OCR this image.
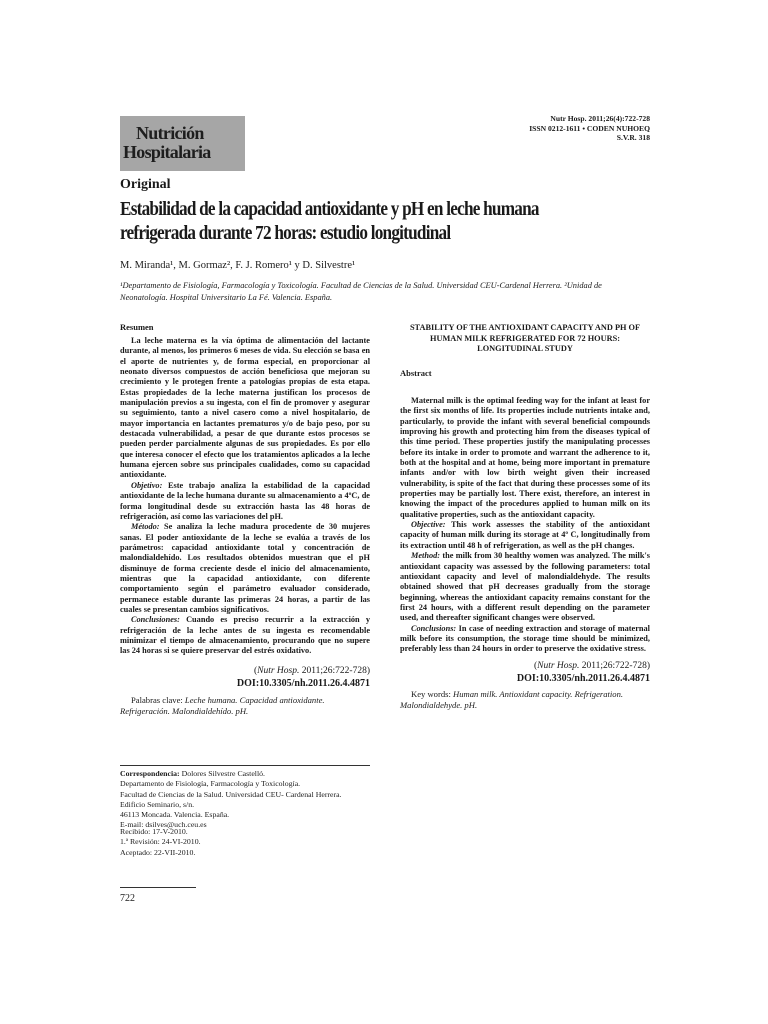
Nutr Hosp. 2011;26(4):722-728
ISSN 0212-1611 • CODEN NUHOEQ
S.V.R. 318
Nutrición
Hospitalaria
Original
Estabilidad de la capacidad antioxidante y pH en leche humana
refrigerada durante 72 horas: estudio longitudinal
M. Miranda¹, M. Gormaz², F. J. Romero¹ y D. Silvestre¹
¹Departamento de Fisiología, Farmacología y Toxicología. Facultad de Ciencias de la Salud. Universidad CEU-Cardenal Herrera. ²Unidad de Neonatología. Hospital Universitario La Fé. Valencia. España.
Resumen

La leche materna es la vía óptima de alimentación del lactante durante, al menos, los primeros 6 meses de vida. Su elección se basa en el aporte de nutrientes y, de forma especial, en proporcionar al neonato diversos compuestos de acción beneficiosa que mejoran su crecimiento y le protegen frente a patologías propias de esta etapa. Estas propiedades de la leche materna justifican los procesos de manipulación previos a su ingesta, con el fin de promover y asegurar su seguimiento, tanto a nivel casero como a nivel hospitalario, de mayor importancia en lactantes prematuros y/o de bajo peso, por su destacada vulnerabilidad, a pesar de que durante estos procesos se pueden perder parcialmente algunas de sus propiedades. Es por ello que interesa conocer el efecto que los tratamientos aplicados a la leche humana ejercen sobre sus principales cualidades, como su capacidad antioxidante.

Objetivo: Este trabajo analiza la estabilidad de la capacidad antioxidante de la leche humana durante su almacenamiento a 4ºC, de forma longitudinal desde su extracción hasta las 48 horas de refrigeración, así como las variaciones del pH.

Método: Se analiza la leche madura procedente de 30 mujeres sanas. El poder antioxidante de la leche se evalúa a través de los parámetros: capacidad antioxidante total y concentración de malondialdehído. Los resultados obtenidos muestran que el pH disminuye de forma creciente desde el inicio del almacenamiento, mientras que la capacidad antioxidante, con diferente comportamiento según el parámetro evaluador considerado, permanece estable durante las primeras 24 horas, a partir de las cuales se presentan cambios significativos.

Conclusiones: Cuando es preciso recurrir a la extracción y refrigeración de la leche antes de su ingesta es recomendable minimizar el tiempo de almacenamiento, procurando que no supere las 24 horas si se quiere preservar del estrés oxidativo.

(Nutr Hosp. 2011;26:722-728)
DOI:10.3305/nh.2011.26.4.4871
Palabras clave: Leche humana. Capacidad antioxidante. Refrigeración. Malondialdehído. pH.
STABILITY OF THE ANTIOXIDANT CAPACITY AND PH OF HUMAN MILK REFRIGERATED FOR 72 HOURS: LONGITUDINAL STUDY
Abstract

Maternal milk is the optimal feeding way for the infant at least for the first six months of life. Its properties include nutrients intake and, particularly, to provide the infant with several beneficial compounds improving his growth and protecting him from the diseases typical of this time period. These properties justify the manipulating processes before its intake in order to promote and warrant the adherence to it, both at the hospital and at home, being more important in premature infants and/or with low birth weight given their increased vulnerability, is spite of the fact that during these processes some of its properties may be partially lost. There exist, therefore, an interest in knowing the impact of the procedures applied to human milk on its qualitative properties, such as the antioxidant capacity.

Objective: This work assesses the stability of the antioxidant capacity of human milk during its storage at 4º C, longitudinally from its extraction until 48 h of refrigeration, as well as the pH changes.

Method: the milk from 30 healthy women was analyzed. The milk's antioxidant capacity was assessed by the following parameters: total antioxidant capacity and level of malondialdehyde. The results obtained showed that pH decreases gradually from the storage beginning, whereas the antioxidant capacity remains constant for the first 24 hours, with a different result depending on the parameter used, and thereafter significant changes were observed.

Conclusions: In case of needing extraction and storage of maternal milk before its consumption, the storage time should be minimized, preferably less than 24 hours in order to preserve the oxidative stress.

(Nutr Hosp. 2011;26:722-728)
DOI:10.3305/nh.2011.26.4.4871
Key words: Human milk. Antioxidant capacity. Refrigeration. Malondialdehyde. pH.
Correspondencia: Dolores Silvestre Castelló.
Departamento de Fisiología, Farmacología y Toxicología.
Facultad de Ciencias de la Salud. Universidad CEU- Cardenal Herrera.
Edificio Seminario, s/n.
46113 Moncada. Valencia. España.
E-mail: dsilves@uch.ceu.es
Recibido: 17-V-2010.
1.ª Revisión: 24-VI-2010.
Aceptado: 22-VII-2010.
722
